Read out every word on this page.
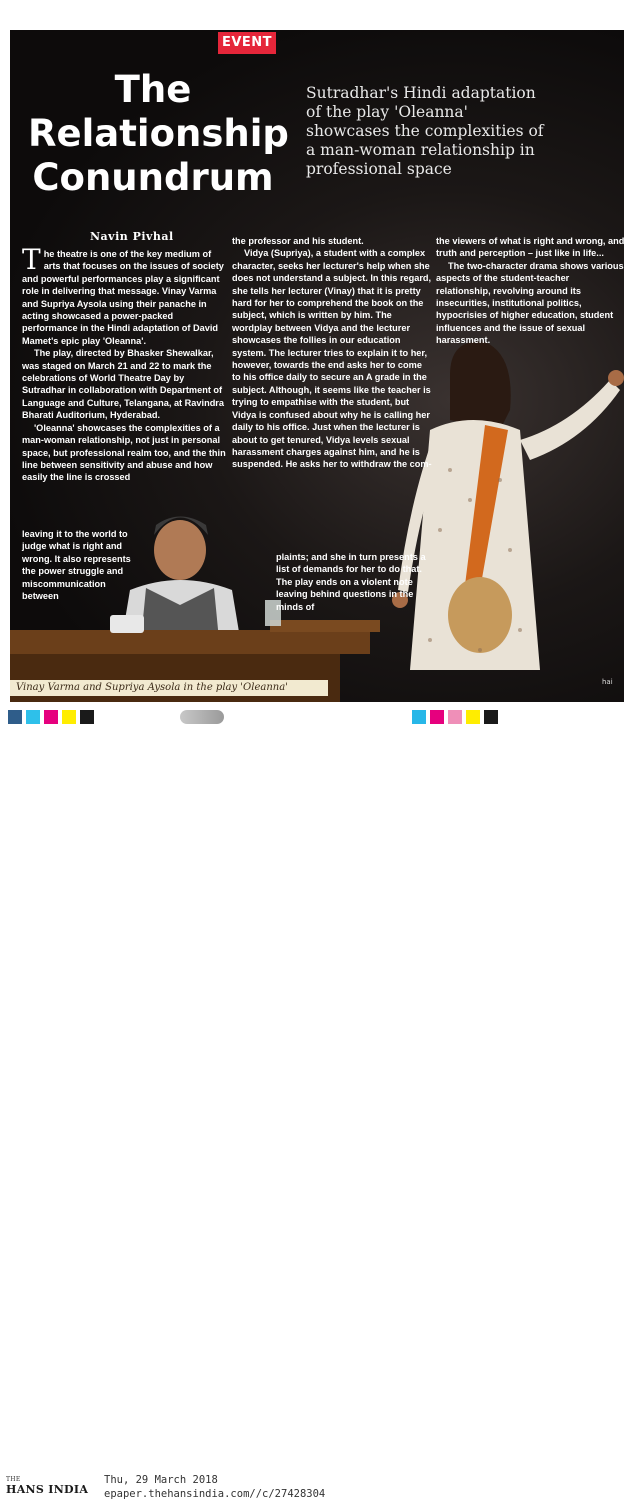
EVENT
The
Relationship
Conundrum

Sutradhar's Hindi adaptation of the play 'Oleanna' showcases the complexities of a man-woman relationship in professional space

Navin Pivhal

The theatre is one of the key medium of arts that focuses on the issues of society and powerful performances play a significant role in delivering that message. Vinay Varma and Supriya Aysola using their panache in acting showcased a power-packed performance in the Hindi adaptation of David Mamet's epic play 'Oleanna'.

The play, directed by Bhasker Shewalkar, was staged on March 21 and 22 to mark the celebrations of World Theatre Day by Sutradhar in collaboration with Department of Language and Culture, Telangana, at Ravindra Bharati Auditorium, Hyderabad.

'Oleanna' showcases the complexities of a man-woman relationship, not just in personal space, but professional realm too, and the thin line between sensitivity and abuse and how easily the line is crossed

leaving it to the world to judge what is right and wrong. It also represents the power struggle and miscommunication between

the professor and his student.

Vidya (Supriya), a student with a complex character, seeks her lecturer's help when she does not understand a subject. In this regard, she tells her lecturer (Vinay) that it is pretty hard for her to comprehend the book on the subject, which is written by him. The wordplay between Vidya and the lecturer showcases the follies in our education system. The lecturer tries to explain it to her, however, towards the end asks her to come to his office daily to secure an A grade in the subject. Although, it seems like the teacher is trying to empathise with the student, but Vidya is confused about why he is calling her daily to his office. Just when the lecturer is about to get tenured, Vidya levels sexual harassment charges against him, and he is suspended. He asks her to withdraw the com-

plaints; and she in turn presents a list of demands for her to do that. The play ends on a violent note leaving behind questions in the minds of

the viewers of what is right and wrong, and truth and perception – just like in life...

The two-character drama shows various aspects of the student-teacher relationship, revolving around its insecurities, institutional politics, hypocrisies of higher education, student influences and the issue of sexual harassment.

hai
Vinay Varma and Supriya Aysola in the play 'Oleanna'
THE
HANS INDIA
Thu, 29 March 2018
epaper.thehansindia.com//c/27428304
